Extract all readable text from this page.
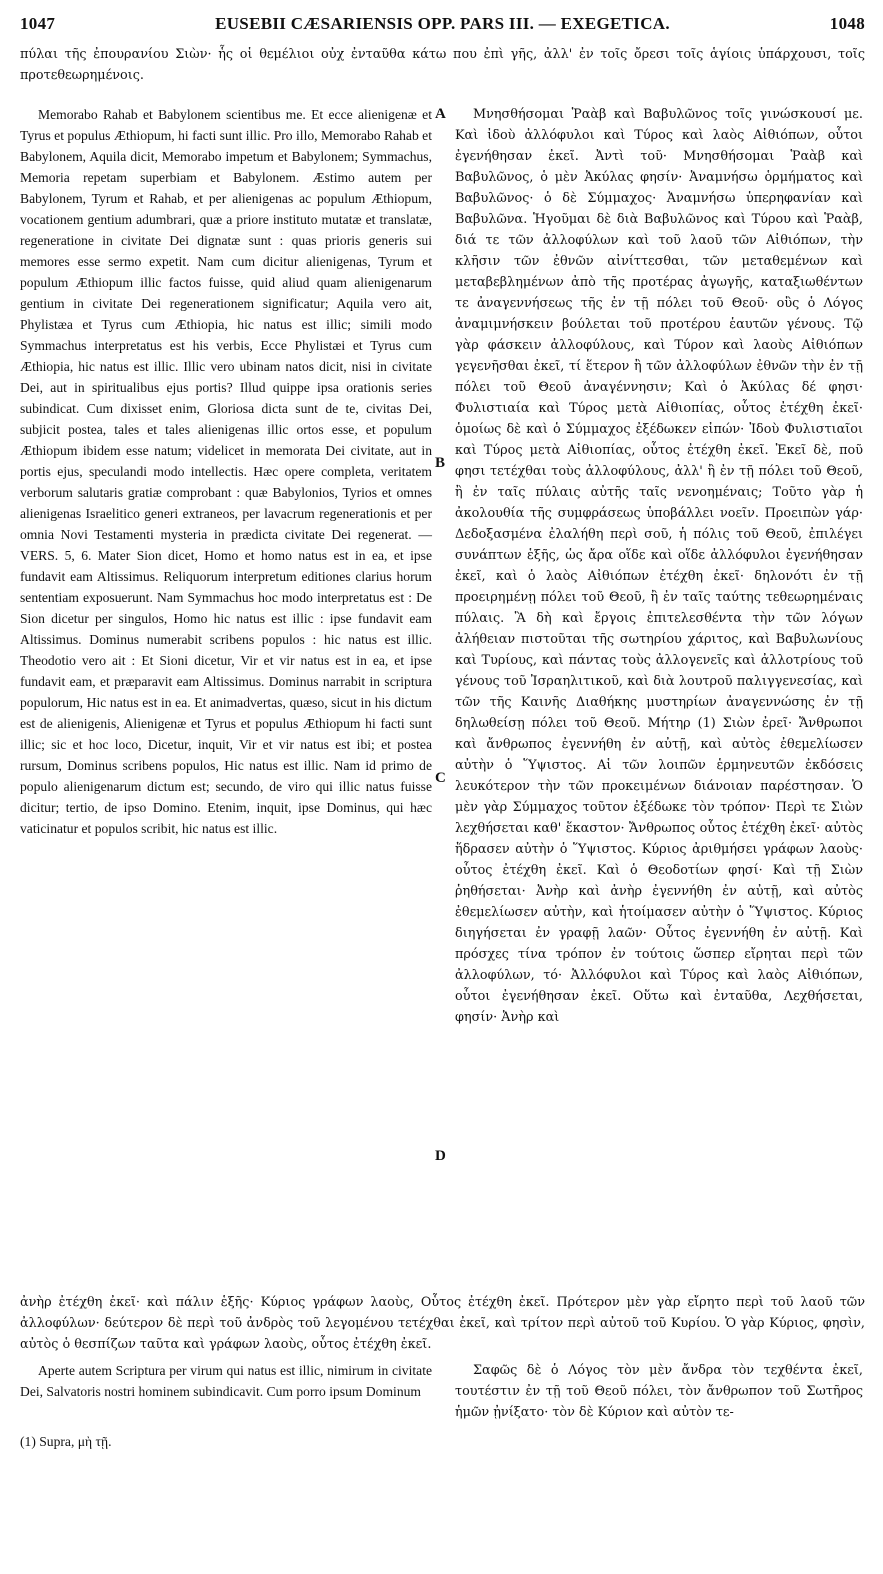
1047	EUSEBII CÆSARIENSIS OPP. PARS III. — EXEGETICA.	1048
πύλαι τῆς ἐπουρανίου Σιὼν· ἧς οἱ θεμέλιοι οὐχ ἐνταῦθα κάτω που ἐπὶ γῆς, ἀλλ' ἐν τοῖς ὄρεσι τοῖς ἁγίοις ὑπάρχουσι, τοῖς προτεθεωρημένοις.

Memorabo Rahab et Babylonem scientibus me. Et ecce alienigenæ et Tyrus et populus Æthiopum, hi facti sunt illic. Pro illo, Memorabo Rahab et Babylonem, Aquila dicit, Memorabo impetum et Babylonem; Symmachus, Memoria repetam superbiam et Babylonem. Æstimo autem per Babylonem, Tyrum et Rahab, et per alienigenas ac populum Æthiopum, vocationem gentium adumbrari, quæ a priore instituto mutatæ et translatæ, regeneratione in civitate Dei dignatæ sunt : quas prioris generis sui memores esse sermo expetit. Nam cum dicitur alienigenas, Tyrum et populum Æthiopum illic factos fuisse, quid aliud quam alienigenarum gentium in civitate Dei regenerationem significatur; Aquila vero ait, Phylistæa et Tyrus cum Æthiopia, hic natus est illic; simili modo Symmachus interpretatus est his verbis, Ecce Phylistæi et Tyrus cum Æthiopia, hic natus est illic. Illic vero ubinam natos dicit, nisi in civitate Dei, aut in spiritualibus ejus portis? Illud quippe ipsa orationis series subindicat. Cum dixisset enim, Gloriosa dicta sunt de te, civitas Dei, subjicit postea, tales et tales alienigenas illic ortos esse, et populum Æthiopum ibidem esse natum; videlicet in memorata Dei civitate, aut in portis ejus, speculandi modo intellectis. Hæc opere completa, veritatem verborum salutaris gratiæ comprobant : quæ Babylonios, Tyrios et omnes alienigenas Israelitico generi extraneos, per lavacrum regenerationis et per omnia Novi Testamenti mysteria in prædicta civitate Dei regenerat. — VERS. 5, 6. Mater Sion dicet, Homo et homo natus est in ea, et ipse fundavit eam Altissimus. Reliquorum interpretum editiones clarius horum sententiam exposuerunt. Nam Symmachus hoc modo interpretatus est : De Sion dicetur per singulos, Homo hic natus est illic : ipse fundavit eam Altissimus. Dominus numerabit scribens populos : hic natus est illic. Theodotio vero ait : Et Sioni dicetur, Vir et vir natus est in ea, et ipse fundavit eam, et præparavit eam Altissimus. Dominus narrabit in scriptura populorum, Hic natus est in ea. Et animadvertas, quæso, sicut in his dictum est de alienigenis, Alienigenæ et Tyrus et populus Æthiopum hi facti sunt illic; sic et hoc loco, Dicetur, inquit, Vir et vir natus est ibi; et postea rursum, Dominus scribens populos, Hic natus est illic. Nam id primo de populo alienigenarum dictum est; secundo, de viro qui illic natus fuisse dicitur; tertio, de ipso Domino. Etenim, inquit, ipse Dominus, qui hæc vaticinatur et populos scribit, hic natus est illic.

Μνησθήσομαι Ῥαὰβ καὶ Βαβυλῶνος τοῖς γινώσκουσί με. Καὶ ἰδοὺ ἀλλόφυλοι καὶ Τύρος καὶ λαὸς Αἰθιόπων, οὗτοι ἐγενήθησαν ἐκεῖ. Ἀντὶ τοῦ· Μνησθήσομαι Ῥαὰβ καὶ Βαβυλῶνος, ὁ μὲν Ἀκύλας φησίν· Ἀναμνήσω ὁρμήματος καὶ Βαβυλῶνος· ὁ δὲ Σύμμαχος· Ἀναμνήσω ὑπερηφανίαν καὶ Βαβυλῶνα. Ἡγοῦμαι δὲ διὰ Βαβυλῶνος καὶ Τύρου καὶ Ῥαὰβ, διά τε τῶν ἀλλοφύλων καὶ τοῦ λαοῦ τῶν Αἰθιόπων, τὴν κλῆσιν τῶν ἐθνῶν αἰνίττεσθαι, τῶν μεταθεμένων καὶ μεταβεβλημένων ἀπὸ τῆς προτέρας ἀγωγῆς, καταξιωθέντων τε ἀναγεννήσεως τῆς ἐν τῇ πόλει τοῦ Θεοῦ· οὓς ὁ Λόγος ἀναμιμνήσκειν βούλεται τοῦ προτέρου ἑαυτῶν γένους. Τῷ γὰρ φάσκειν ἀλλοφύλους, καὶ Τύρον καὶ λαοὺς Αἰθιόπων γεγενῆσθαι ἐκεῖ, τί ἕτερον ἢ τῶν ἀλλοφύλων ἐθνῶν τὴν ἐν τῇ πόλει τοῦ Θεοῦ ἀναγέννησιν; Καὶ ὁ Ἀκύλας δέ φησι· Φυλιστιαία καὶ Τύρος μετὰ Αἰθιοπίας, οὗτος ἐτέχθη ἐκεῖ· ὁμοίως δὲ καὶ ὁ Σύμμαχος ἐξέδωκεν εἰπών· Ἰδοὺ Φυλιστιαῖοι καὶ Τύρος μετὰ Αἰθιοπίας, οὗτος ἐτέχθη ἐκεῖ. Ἐκεῖ δὲ, ποῦ φησι τετέχθαι τοὺς ἀλλοφύλους, ἀλλ' ἢ ἐν τῇ πόλει τοῦ Θεοῦ, ἢ ἐν ταῖς πύλαις αὐτῆς ταῖς νενοημέναις; Τοῦτο γὰρ ἡ ἀκολουθία τῆς συμφράσεως ὑποβάλλει νοεῖν. Προειπὼν γάρ· Δεδοξασμένα ἐλαλήθη περὶ σοῦ, ἡ πόλις τοῦ Θεοῦ, ἐπιλέγει συνάπτων ἑξῆς, ὡς ἄρα οἵδε καὶ οἵδε ἀλλόφυλοι ἐγενήθησαν ἐκεῖ, καὶ ὁ λαὸς Αἰθιόπων ἐτέχθη ἐκεῖ· δηλονότι ἐν τῇ προειρημένῃ πόλει τοῦ Θεοῦ, ἢ ἐν ταῖς ταύτης τεθεωρημέναις πύλαις. Ἃ δὴ καὶ ἔργοις ἐπιτελεσθέντα τὴν τῶν λόγων ἀλήθειαν πιστοῦται τῆς σωτηρίου χάριτος, καὶ Βαβυλωνίους καὶ Τυρίους, καὶ πάντας τοὺς ἀλλογενεῖς καὶ ἀλλοτρίους τοῦ γένους τοῦ Ἰσραηλιτικοῦ, καὶ διὰ λουτροῦ παλιγγενεσίας, καὶ τῶν τῆς Καινῆς Διαθήκης μυστηρίων ἀναγεννώσης ἐν τῇ δηλωθείσῃ πόλει τοῦ Θεοῦ. Μήτηρ (1) Σιὼν ἐρεῖ· Ἄνθρωποι καὶ ἄνθρωπος ἐγεννήθη ἐν αὐτῇ, καὶ αὐτὸς ἐθεμελίωσεν αὐτὴν ὁ Ὕψιστος. Αἱ τῶν λοιπῶν ἑρμηνευτῶν ἐκδόσεις λευκότερον τὴν τῶν προκειμένων διάνοιαν παρέστησαν. Ὁ μὲν γὰρ Σύμμαχος τοῦτον ἐξέδωκε τὸν τρόπον· Περὶ τε Σιὼν λεχθήσεται καθ' ἕκαστον· Ἄνθρωπος οὗτος ἐτέχθη ἐκεῖ· αὐτὸς ἥδρασεν αὐτὴν ὁ Ὕψιστος. Κύριος ἀριθμήσει γράφων λαοὺς· οὗτος ἐτέχθη ἐκεῖ. Καὶ ὁ Θεοδοτίων φησί· Καὶ τῇ Σιὼν ῥηθήσεται· Ἀνὴρ καὶ ἀνὴρ ἐγεννήθη ἐν αὐτῇ, καὶ αὐτὸς ἐθεμελίωσεν αὐτὴν, καὶ ἡτοίμασεν αὐτὴν ὁ Ὕψιστος. Κύριος διηγήσεται ἐν γραφῇ λαῶν· Οὗτος ἐγεννήθη ἐν αὐτῇ. Καὶ πρόσχες τίνα τρόπον ἐν τούτοις ὥσπερ εἴρηται περὶ τῶν ἀλλοφύλων, τό· Ἀλλόφυλοι καὶ Τύρος καὶ λαὸς Αἰθιόπων, οὗτοι ἐγενήθησαν ἐκεῖ. Οὕτω καὶ ἐνταῦθα, Λεχθήσεται, φησίν· Ἀνὴρ καὶ

A
B
C
D
ἀνὴρ ἐτέχθη ἐκεῖ· καὶ πάλιν ἑξῆς· Κύριος γράφων λαοὺς, Οὗτος ἐτέχθη ἐκεῖ. Πρότερον μὲν γὰρ εἴρητο περὶ τοῦ λαοῦ τῶν ἀλλοφύλων· δεύτερον δὲ περὶ τοῦ ἀνδρὸς τοῦ λεγομένου τετέχθαι ἐκεῖ, καὶ τρίτον περὶ αὐτοῦ τοῦ Κυρίου. Ὁ γὰρ Κύριος, φησὶν, αὐτὸς ὁ θεσπίζων ταῦτα καὶ γράφων λαοὺς, οὗτος ἐτέχθη ἐκεῖ.

Aperte autem Scriptura per virum qui natus est illic, nimirum in civitate Dei, Salvatoris nostri hominem subindicavit. Cum porro ipsum Dominum

Σαφῶς δὲ ὁ Λόγος τὸν μὲν ἄνδρα τὸν τεχθέντα ἐκεῖ, τουτέστιν ἐν τῇ τοῦ Θεοῦ πόλει, τὸν ἄνθρωπον τοῦ Σωτῆρος ἡμῶν ᾐνίξατο· τὸν δὲ Κύριον καὶ αὐτὸν τε-

(1) Supra, μὴ τῇ.
